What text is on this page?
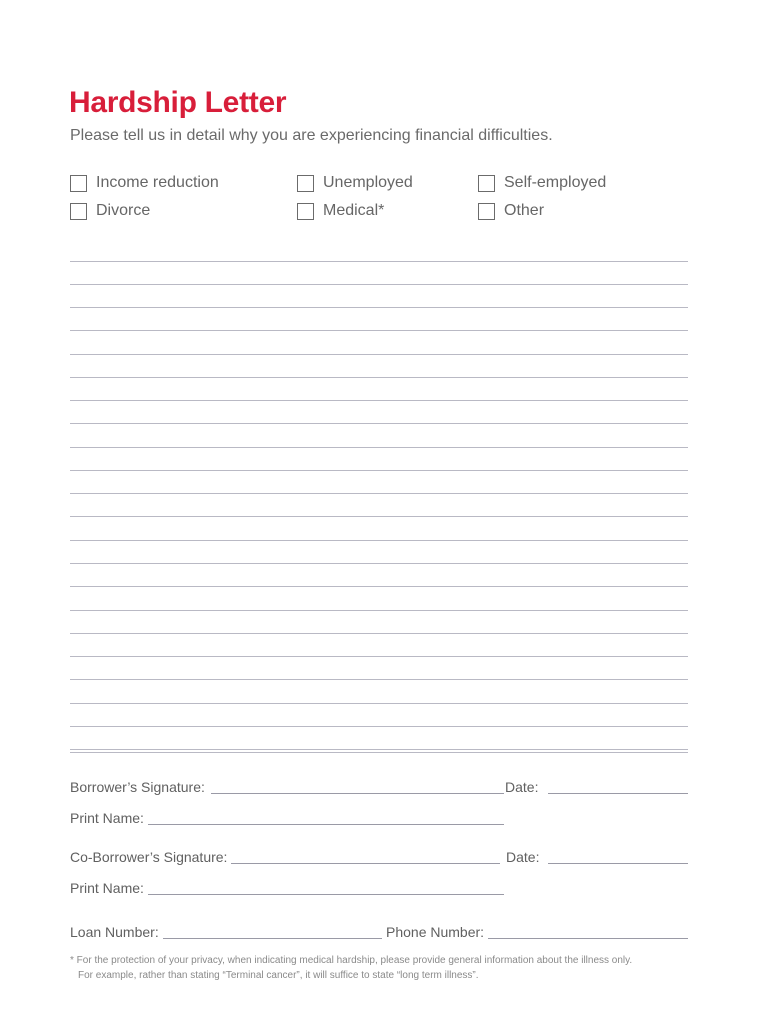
Hardship Letter
Please tell us in detail why you are experiencing financial difficulties.
Income reduction	Unemployed	Self-employed
Divorce	Medical*	Other
Borrower’s Signature:	Date:
Print Name:
Co-Borrower’s Signature:	Date:
Print Name:
Loan Number:	Phone Number:
* For the protection of your privacy, when indicating medical hardship, please provide general information about the illness only.
For example, rather than stating “Terminal cancer”, it will suffice to state “long term illness”.
